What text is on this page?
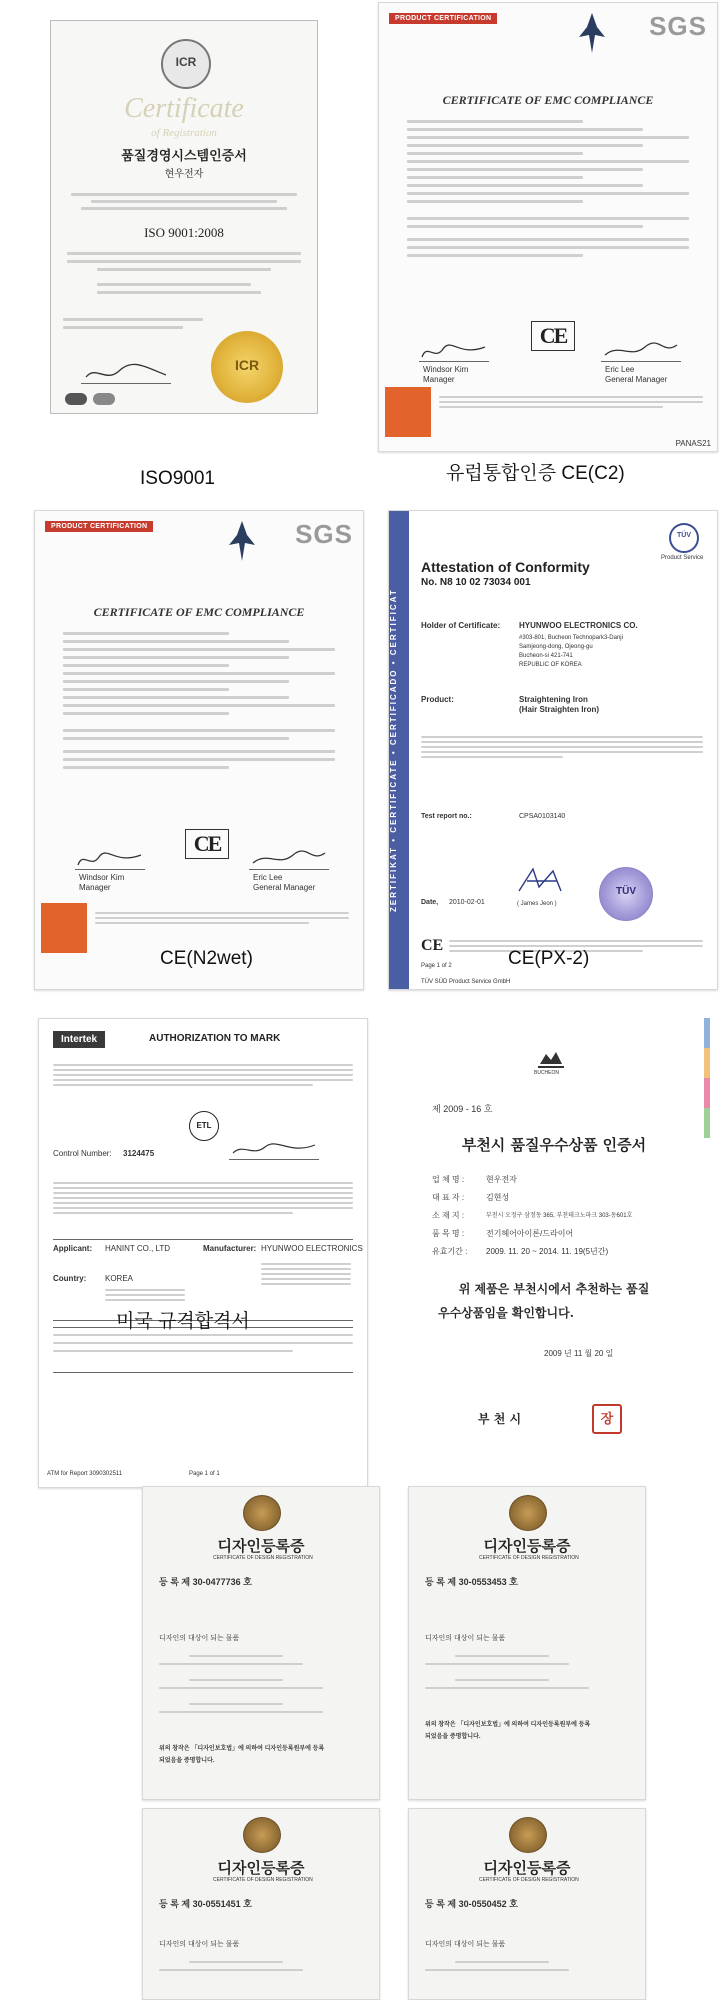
ICR
Certificate
of Registration
품질경영시스템인증서
현우전자
ISO 9001:2008
ICR
PRODUCT CERTIFICATION	SGS
CERTIFICATE OF EMC COMPLIANCE
CE
Windsor Kim
Manager
Eric Lee
General Manager
PANAS21
ISO9001	유럽통합인증 CE(C2)
PRODUCT CERTIFICATION	SGS
CERTIFICATE OF EMC COMPLIANCE
CE
Windsor Kim
Manager
Eric Lee
General Manager	ZERTIFIKAT • CERTIFICATE • CERTIFICADO • CERTIFICAT
TÜV
Product Service
Attestation of Conformity
No. N8 10 02 73034 001
Holder of Certificate: HYUNWOO ELECTRONICS CO.
#303-801, Bucheon Technopark3-Danji
Samjeong-dong, Ojeong-gu
Bucheon-si 421-741
REPUBLIC OF KOREA
Product:	Straightening Iron
(Hair Straighten Iron)
Test report no.:	CPSA0103140
Date, 2010-02-01	( James Jeon )
TÜV
CE
Page 1 of 2
TÜV SÜD Product Service GmbH
CE(N2wet)	CE(PX-2)
Intertek	AUTHORIZATION TO MARK
ETL
Control Number: 3124475
Applicant: HANINT CO., LTD	Manufacturer: HYUNWOO ELECTRONICS
Country: KOREA
ATM for Report 3090302511	Page 1 of 1
미국 규격합격서
BUCHEON
제 2009 - 16 호
부천시 품질우수상품 인증서
업 체 명 :	현우전자
대 표 자 :	김현성
소 재 지 :	부천시 오정구 삼정동 365, 부천테크노파크 303-동601호
품 목 명 :	전기헤어아이론/드라이어
유효기간 : 2009. 11. 20 ~ 2014. 11. 19(5년간)
위 제품은 부천시에서 추천하는 품질
우수상품임을 확인합니다.
2009 년 11 월 20 일
부 천 시	장
디자인등록증
CERTIFICATE OF DESIGN REGISTRATION
등 록 제 30-0477736 호
디자인의 대상이 되는 물품
위의 창작은 「디자인보호법」에 의하여 디자인등록원부에 등록
되었음을 증명합니다.
디자인등록증
CERTIFICATE OF DESIGN REGISTRATION
등 록 제 30-0553453 호
디자인의 대상이 되는 물품
위의 창작은 「디자인보호법」에 의하여 디자인등록원부에 등록
되었음을 증명합니다.
디자인등록증
CERTIFICATE OF DESIGN REGISTRATION
등 록 제 30-0551451 호
디자인의 대상이 되는 물품
디자인등록증
CERTIFICATE OF DESIGN REGISTRATION
등 록 제 30-0550452 호
디자인의 대상이 되는 물품
